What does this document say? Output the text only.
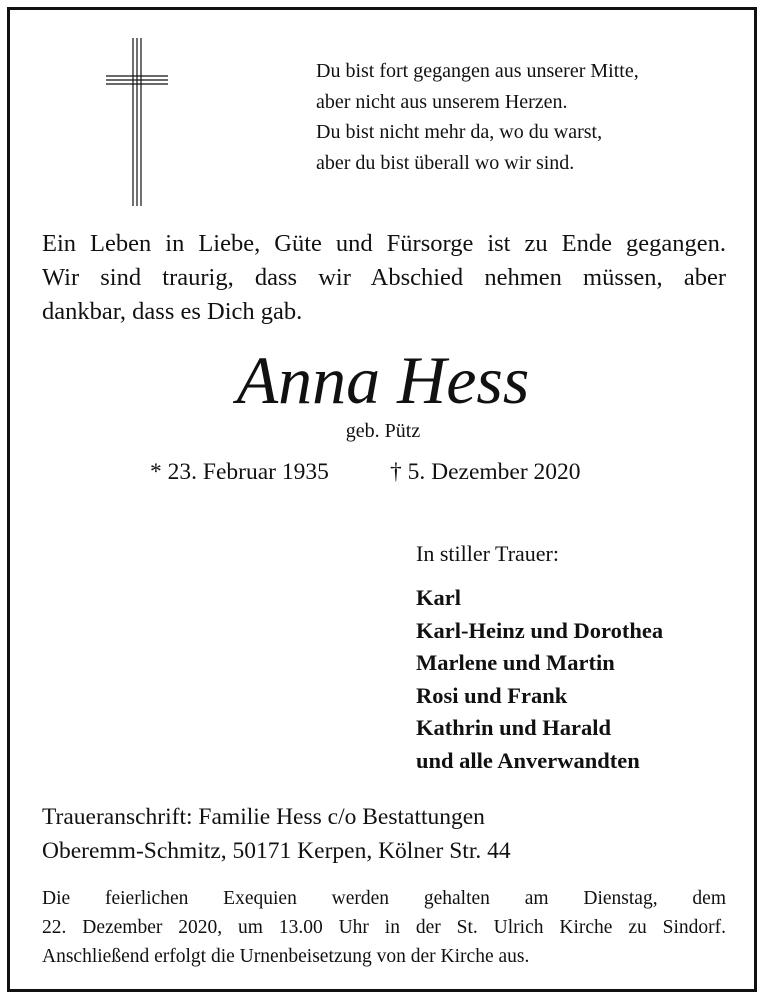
Du bist fort gegangen aus unserer Mitte,
aber nicht aus unserem Herzen.
Du bist nicht mehr da, wo du warst,
aber du bist überall wo wir sind.
Ein Leben in Liebe, Güte und Fürsorge ist zu Ende gegangen.
Wir sind traurig, dass wir Abschied nehmen müssen, aber
dankbar, dass es Dich gab.
Anna Hess
geb. Pütz
* 23. Februar 1935	† 5. Dezember 2020
In stiller Trauer:
Karl
Karl-Heinz und Dorothea
Marlene und Martin
Rosi und Frank
Kathrin und Harald
und alle Anverwandten
Traueranschrift: Familie Hess c/o Bestattungen
Oberemm-Schmitz, 50171 Kerpen, Kölner Str. 44
Die feierlichen Exequien werden gehalten am Dienstag, dem
22. Dezember 2020, um 13.00 Uhr in der St. Ulrich Kirche zu Sindorf.
Anschließend erfolgt die Urnenbeisetzung von der Kirche aus.
